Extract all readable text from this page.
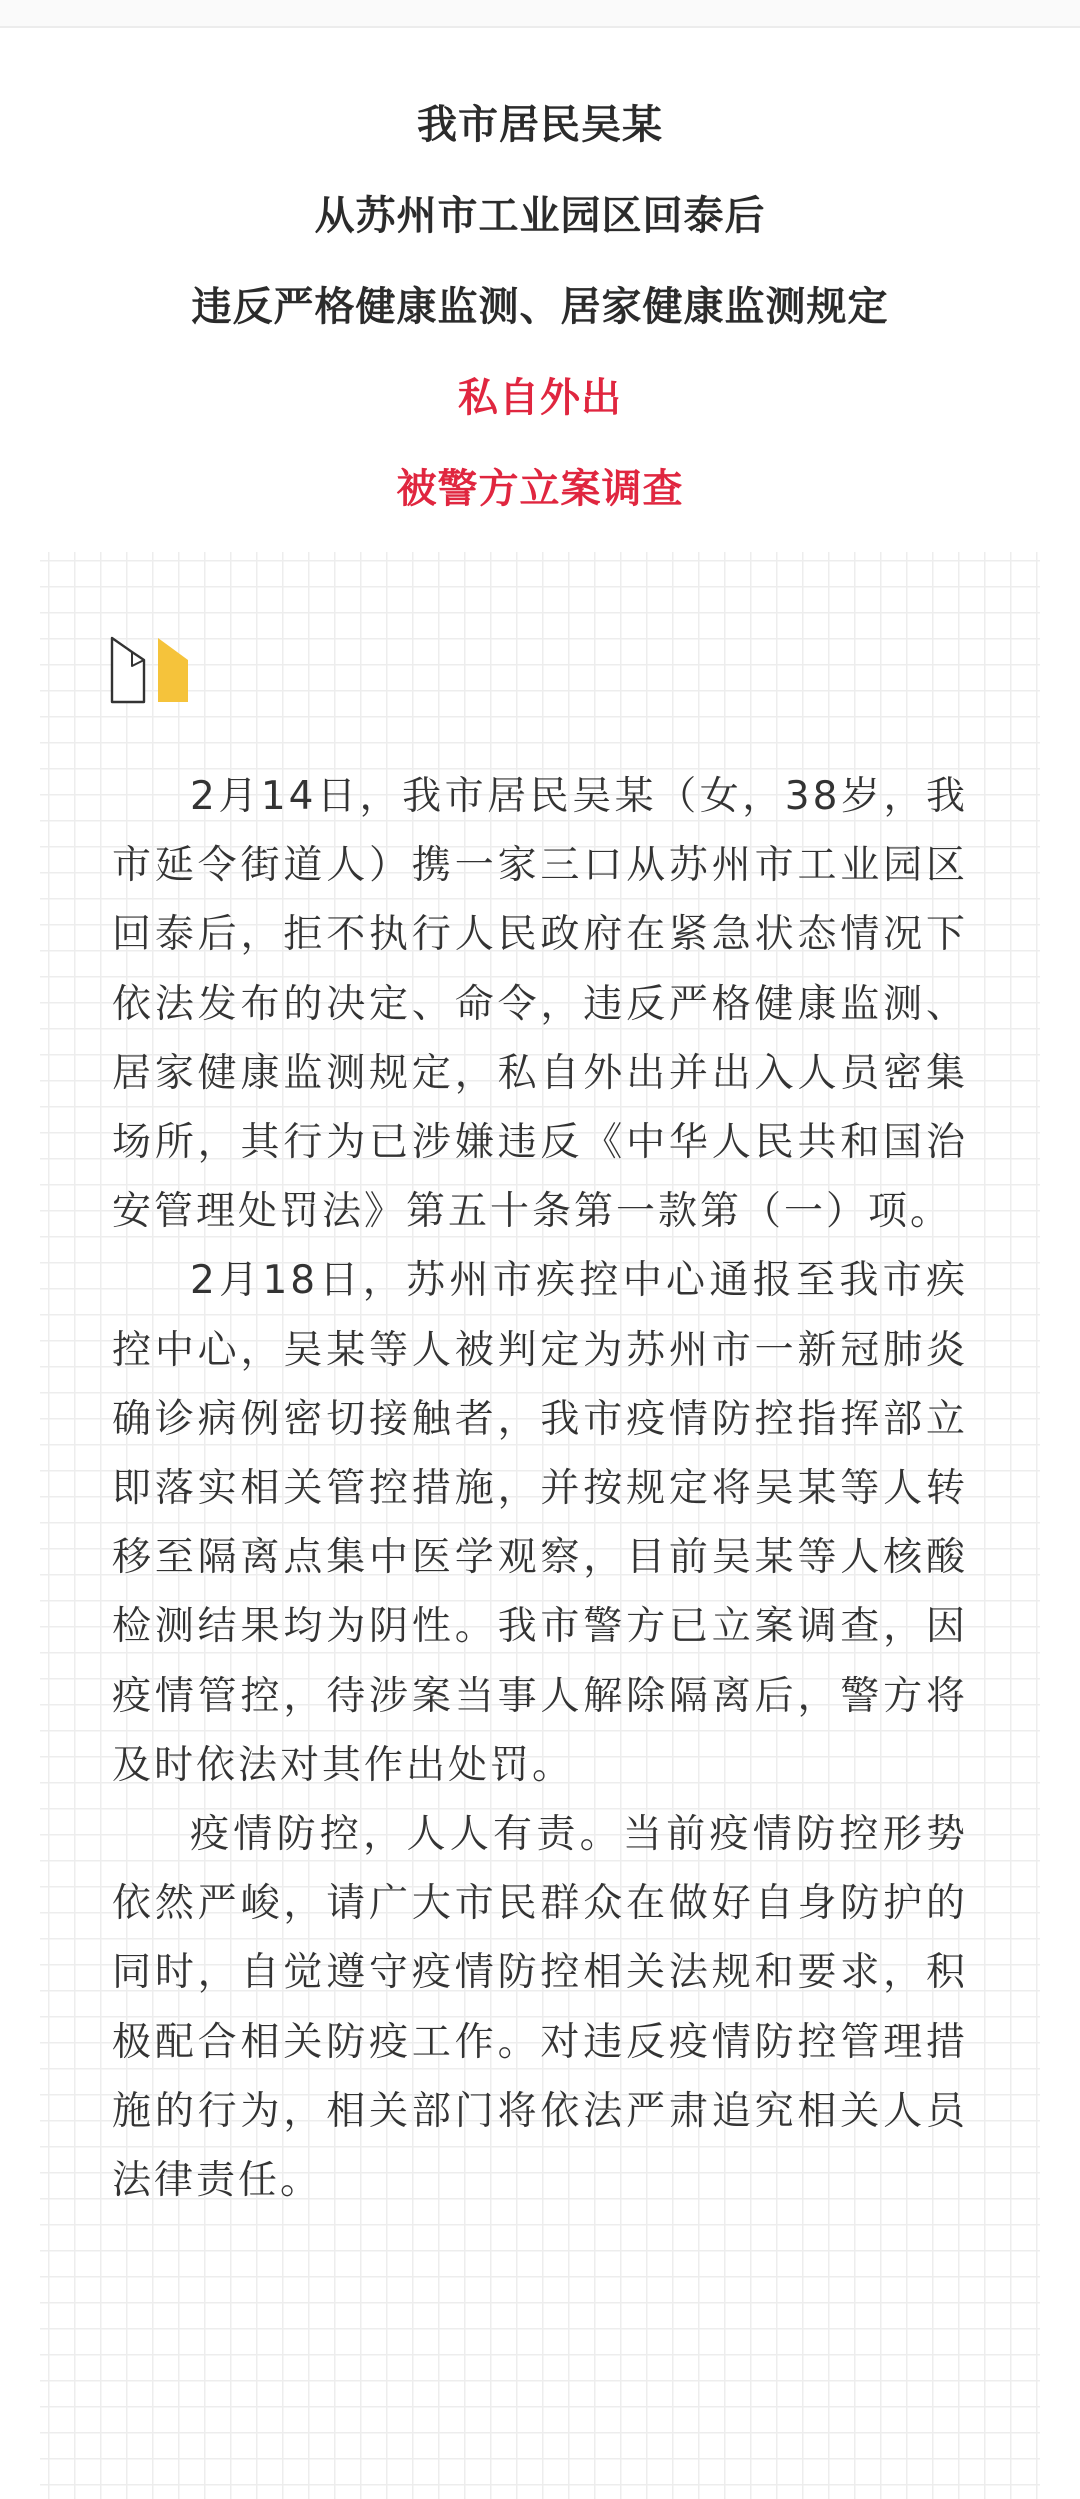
我市居民吴某
从苏州市工业园区回泰后
违反严格健康监测、居家健康监测规定
私自外出
被警方立案调查

2月14日，我市居民吴某（女，38岁，我市延令街道人）携一家三口从苏州市工业园区回泰后，拒不执行人民政府在紧急状态情况下依法发布的决定、命令，违反严格健康监测、居家健康监测规定，私自外出并出入人员密集场所，其行为已涉嫌违反《中华人民共和国治安管理处罚法》第五十条第一款第（一）项。

2月18日，苏州市疾控中心通报至我市疾控中心，吴某等人被判定为苏州市一新冠肺炎确诊病例密切接触者，我市疫情防控指挥部立即落实相关管控措施，并按规定将吴某等人转移至隔离点集中医学观察，目前吴某等人核酸检测结果均为阴性。我市警方已立案调查，因疫情管控，待涉案当事人解除隔离后，警方将及时依法对其作出处罚。

疫情防控，人人有责。当前疫情防控形势依然严峻，请广大市民群众在做好自身防护的同时，自觉遵守疫情防控相关法规和要求，积极配合相关防疫工作。对违反疫情防控管理措施的行为，相关部门将依法严肃追究相关人员法律责任。
